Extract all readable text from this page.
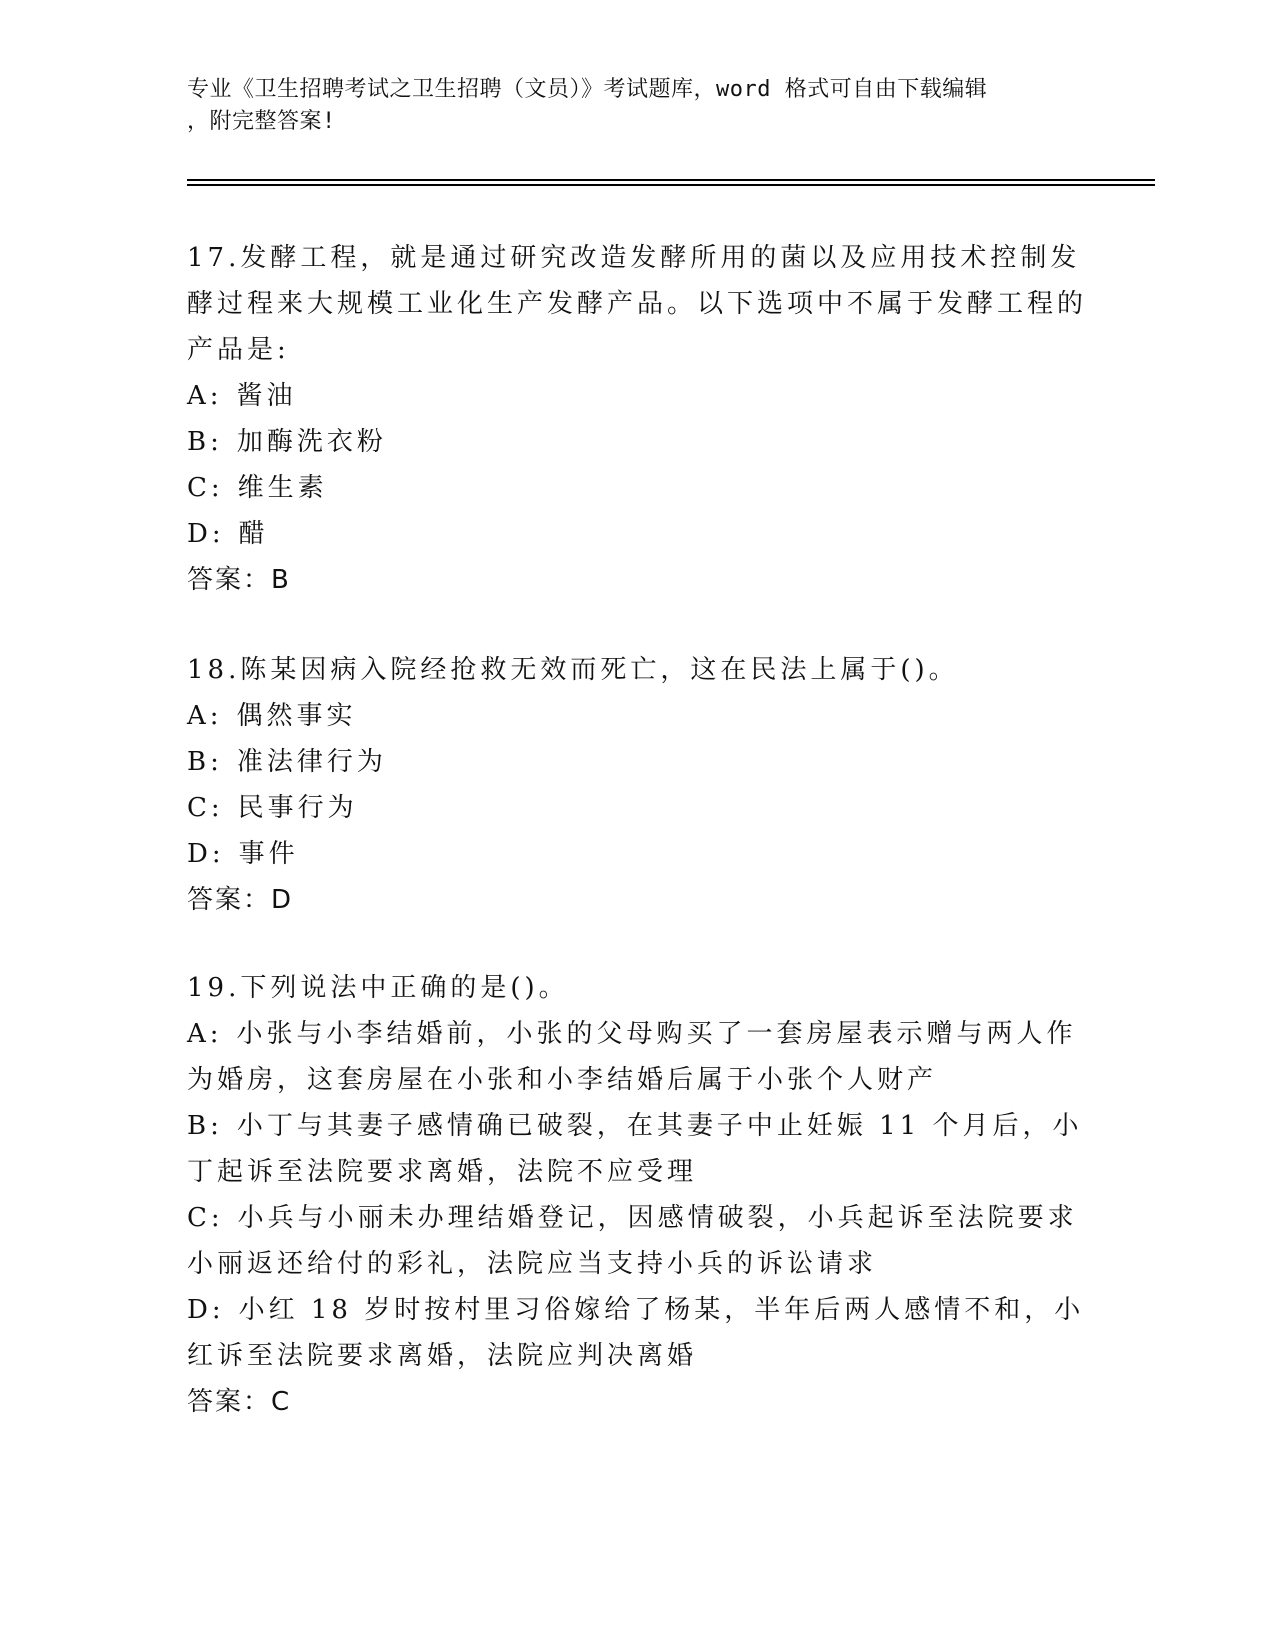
专业《卫生招聘考试之卫生招聘（文员）》考试题库，word 格式可自由下载编辑
，附完整答案!

17.发酵工程，就是通过研究改造发酵所用的菌以及应用技术控制发酵过程来大规模工业化生产发酵产品。以下选项中不属于发酵工程的产品是:

A: 酱油

B: 加酶洗衣粉

C: 维生素

D: 醋

答案：B

18.陈某因病入院经抢救无效而死亡，这在民法上属于()。

A: 偶然事实

B: 准法律行为

C: 民事行为

D: 事件

答案：D

19.下列说法中正确的是()。

A: 小张与小李结婚前，小张的父母购买了一套房屋表示赠与两人作为婚房，这套房屋在小张和小李结婚后属于小张个人财产

B: 小丁与其妻子感情确已破裂，在其妻子中止妊娠 11 个月后，小丁起诉至法院要求离婚，法院不应受理

C: 小兵与小丽未办理结婚登记，因感情破裂，小兵起诉至法院要求小丽返还给付的彩礼，法院应当支持小兵的诉讼请求

D: 小红 18 岁时按村里习俗嫁给了杨某，半年后两人感情不和，小红诉至法院要求离婚，法院应判决离婚

答案：C
